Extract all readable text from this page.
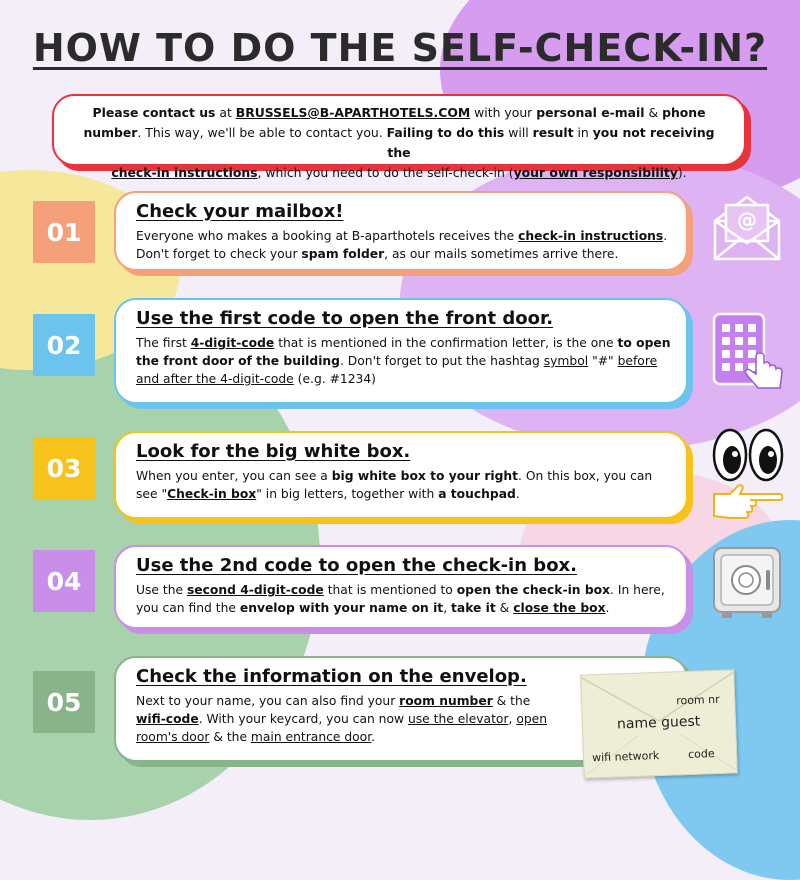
HOW TO DO THE SELF-CHECK-IN?
Please contact us at BRUSSELS@B-APARTHOTELS.COM with your personal e-mail & phone number. This way, we'll be able to contact you. Failing to do this will result in you not receiving the
check-in instructions, which you need to do the self-check-in (your own responsibility).
01
Check your mailbox!

Everyone who makes a booking at B-aparthotels receives the check-in instructions. Don't forget to check your spam folder, as our mails sometimes arrive there.

02
Use the first code to open the front door.

The first 4-digit-code that is mentioned in the confirmation letter, is the one to open the front door of the building. Don't forget to put the hashtag symbol "#" before and after the 4-digit-code (e.g. #1234)

03
Look for the big white box.

When you enter, you can see a big white box to your right. On this box, you can see "Check-in box" in big letters, together with a touchpad.

04
Use the 2nd code to open the check-in box.

Use the second 4-digit-code that is mentioned to open the check-in box. In here, you can find the envelop with your name on it, take it & close the box.

05
Check the information on the envelop.

Next to your name, you can also find your room number & the wifi-code. With your keycard, you can now use the elevator, open room's door & the main entrance door.

room nr
name guest
wifi network	code
@
